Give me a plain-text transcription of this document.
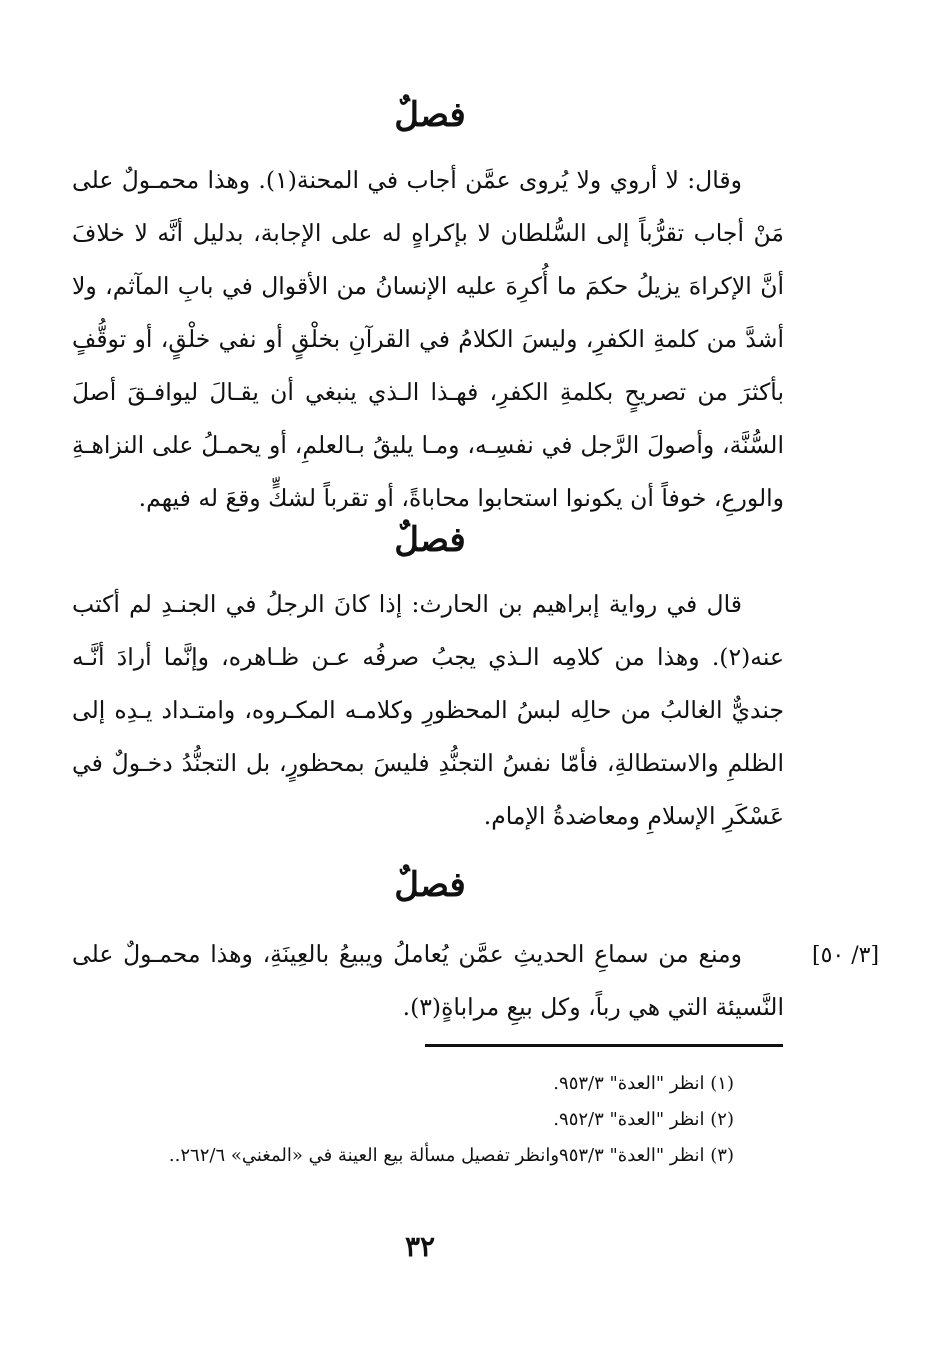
فصلٌ
وقال: لا أروي ولا يُروى عمَّن أجاب في المحنة(١). وهذا محمـولٌ على
مَنْ أجاب تقرُّباً إلى السُّلطان لا بإكراهٍ له على الإجابة، بدليل أنَّه لا خلافَ
أنَّ الإكراهَ يزيلُ حكمَ ما أُكرِهَ عليه الإنسانُ من الأقوال في بابِ المآثم، ولا
أشدَّ من كلمةِ الكفرِ، وليسَ الكلامُ في القرآنِ بخلْقٍ أو نفي خلْقٍ، أو توقُّفٍ
بأكثرَ من تصريحٍ بكلمةِ الكفرِ، فهـذا الـذي ينبغي أن يقـالَ ليوافـقَ أصلَ
السُّنَّة، وأصولَ الرَّجل في نفسِـه، ومـا يليقُ بـالعلمِ، أو يحمـلُ على النزاهـةِ
والورعِ، خوفاً أن يكونوا استحابوا محاباةً، أو تقرباً لشكٍّ وقعَ له فيهم.
فصلٌ
قال في رواية إبراهيم بن الحارث: إذا كانَ الرجلُ في الجنـدِ لم أكتب
عنه(٢). وهذا من كلامِه الـذي يجبُ صرفُه عـن ظـاهره، وإنَّما أرادَ أنَّـه
جنديٌّ الغالبُ من حالِه لبسُ المحظورِ وكلامـه المكـروه، وامتـداد يـدِه إلى
الظلمِ والاستطالةِ، فأمّا نفسُ التجنُّدِ فليسَ بمحظورٍ، بل التجنُّدُ دخـولٌ في
عَسْكَرِ الإسلامِ ومعاضدةُ الإمام.
فصلٌ
ومنع من سماعِ الحديثِ عمَّن يُعاملُ ويبيعُ بالعِينَةِ، وهذا محمـولٌ على
النَّسيئة التي هي رباً، وكل بيعِ مراباةٍ(٣).
[٣/ ٥٠]
(١) انظر "العدة" ٩٥٣/٣.
(٢) انظر "العدة" ٩٥٢/٣.
(٣) انظر "العدة" ٩٥٣/٣وانظر تفصيل مسألة بيع العينة في «المغني» ٢٦٢/٦..
٣٢
